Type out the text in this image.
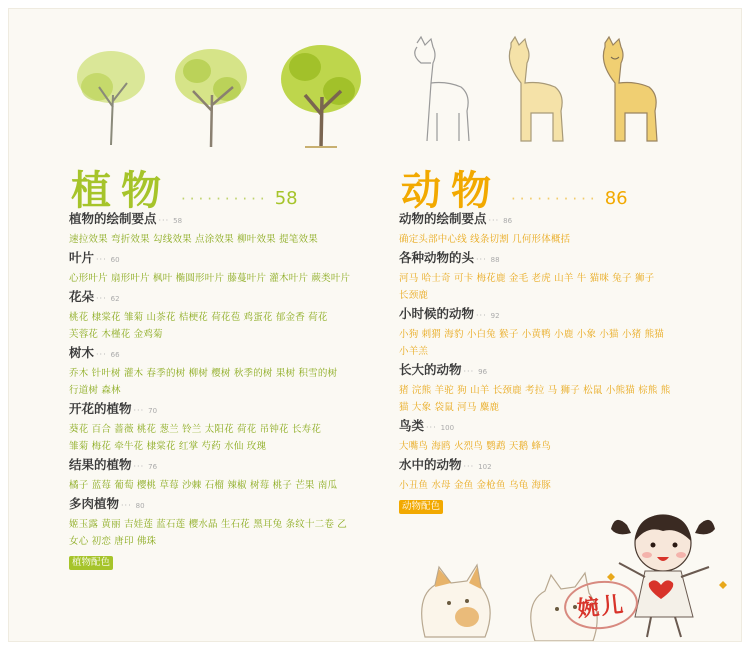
植物 ·········· 58	动物 ·········· 86
植物的绘制要点 ··· 58
速拉效果 弯折效果 勾线效果 点涂效果 柳叶效果 提笔效果
叶片 ··· 60
心形叶片 扇形叶片 枫叶 椭圆形叶片 藤蔓叶片 灌木叶片 蕨类叶片
花朵 ··· 62
桃花 棣棠花 雏菊 山茶花 桔梗花 荷花苞 鸡蛋花 郁金香 荷花
芙蓉花 木槿花 金鸡菊
树木 ··· 66
乔木 针叶树 灌木 春季的树 柳树 樱树 秋季的树 果树 积雪的树
行道树 森林
开花的植物 ··· 70
葵花 百合 蔷薇 桃花 葱兰 铃兰 太阳花 荷花 吊钟花 长寿花
雏菊 梅花 牵牛花 棣棠花 红掌 芍药 水仙 玫瑰
结果的植物 ··· 76
橘子 蓝莓 葡萄 樱桃 草莓 沙棘 石榴 辣椒 树莓 桃子 芒果 南瓜
多肉植物 ··· 80
姬玉露 黄丽 吉娃莲 蓝石莲 樱水晶 生石花 黑耳兔 条纹十二卷 乙
女心 初恋 唐印 佛珠
植物配色
动物的绘制要点 ··· 86
确定头部中心线 线条切割 几何形体概括
各种动物的头 ··· 88
河马 哈士奇 可卡 梅花鹿 金毛 老虎 山羊 牛 猫咪 兔子 狮子
长颈鹿
小时候的动物 ··· 92
小狗 刺猬 海豹 小白兔 猴子 小黄鸭 小鹿 小象 小猫 小猪 熊猫
小羊羔
长大的动物 ··· 96
猪 浣熊 羊驼 狗 山羊 长颈鹿 考拉 马 狮子 松鼠 小熊猫 棕熊 熊
猫 大象 袋鼠 河马 麋鹿
鸟类 ··· 100
大嘴鸟 海鸥 火烈鸟 鹦鹉 天鹅 蜂鸟
水中的动物 ··· 102
小丑鱼 水母 金鱼 金枪鱼 乌龟 海豚
动物配色
婉儿
